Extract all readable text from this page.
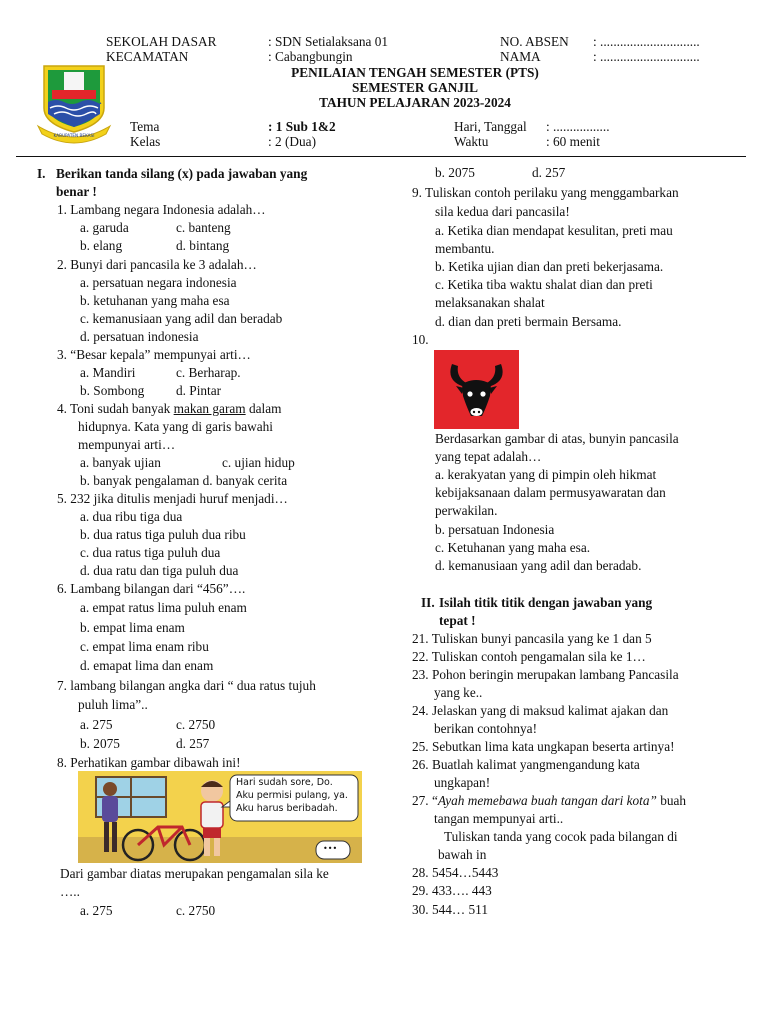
KABUPATEN BEKASI
SEKOLAH DASAR	: SDN Setialaksana 01
KECAMATAN	: Cabangbungin
NO. ABSEN : ..............................
NAMA	: ..............................
PENILAIAN TENGAH SEMESTER (PTS)
SEMESTER GANJIL
TAHUN PELAJARAN 2023-2024
Tema	: 1 Sub 1&2
Kelas	: 2 (Dua)
Hari, Tanggal : .................
Waktu	: 60 menit
I. Berikan tanda silang (x) pada jawaban yang
benar !
1. Lambang negara Indonesia adalah…
a. garuda	c. banteng
b. elang	d. bintang
2. Bunyi dari pancasila ke 3 adalah…
a. persatuan negara indonesia
b. ketuhanan yang maha esa
c. kemanusiaan yang adil dan beradab
d. persatuan indonesia
3. “Besar kepala” mempunyai arti…
a. Mandiri	c. Berharap.
b. Sombong d. Pintar
4. Toni sudah banyak makan garam dalam
hidupnya. Kata yang di garis bawahi
mempunyai arti…
a. banyak ujian	c. ujian hidup
b. banyak pengalaman d. banyak cerita
5. 232 jika ditulis menjadi huruf menjadi…
a. dua ribu tiga dua
b. dua ratus tiga puluh dua ribu
c. dua ratus tiga puluh dua
d. dua ratu dan tiga puluh dua
6. Lambang bilangan dari “456”….
a. empat ratus lima puluh enam
b. empat lima enam
c. empat lima enam ribu
d. emapat lima dan enam
7. lambang bilangan angka dari “ dua ratus tujuh
puluh lima”..
a. 275	c. 2750
b. 2075	d. 257
8. Perhatikan gambar dibawah ini!
Hari sudah sore, Do.
Aku permisi pulang, ya.
Aku harus beribadah.
•••
Dari gambar diatas merupakan pengamalan sila ke
…..
a. 275	c. 2750
b. 2075	d. 257
9. Tuliskan contoh perilaku yang menggambarkan
sila kedua dari pancasila!
a. Ketika dian mendapat kesulitan, preti mau
membantu.
b. Ketika ujian dian dan preti bekerjasama.
c. Ketika tiba waktu shalat dian dan preti
melaksanakan shalat
d. dian dan preti bermain Bersama.
10.
Berdasarkan gambar di atas, bunyin pancasila
yang tepat adalah…
a. kerakyatan yang di pimpin oleh hikmat
kebijaksanaan dalam permusyawaratan dan
perwakilan.
b. persatuan Indonesia
c. Ketuhanan yang maha esa.
d. kemanusiaan yang adil dan beradab.
II. Isilah titik titik dengan jawaban yang
tepat !
21. Tuliskan bunyi pancasila yang ke 1 dan 5
22. Tuliskan contoh pengamalan sila ke 1…
23. Pohon beringin merupakan lambang Pancasila
yang ke..
24. Jelaskan yang di maksud kalimat ajakan dan
berikan contohnya!
25. Sebutkan lima kata ungkapan beserta artinya!
26. Buatlah kalimat yangmengandung kata
ungkapan!
27. “Ayah memebawa buah tangan dari kota” buah
tangan mempunyai arti..
Tuliskan tanda yang cocok pada bilangan di
bawah in
28. 5454…5443
29. 433…. 443
30. 544… 511
